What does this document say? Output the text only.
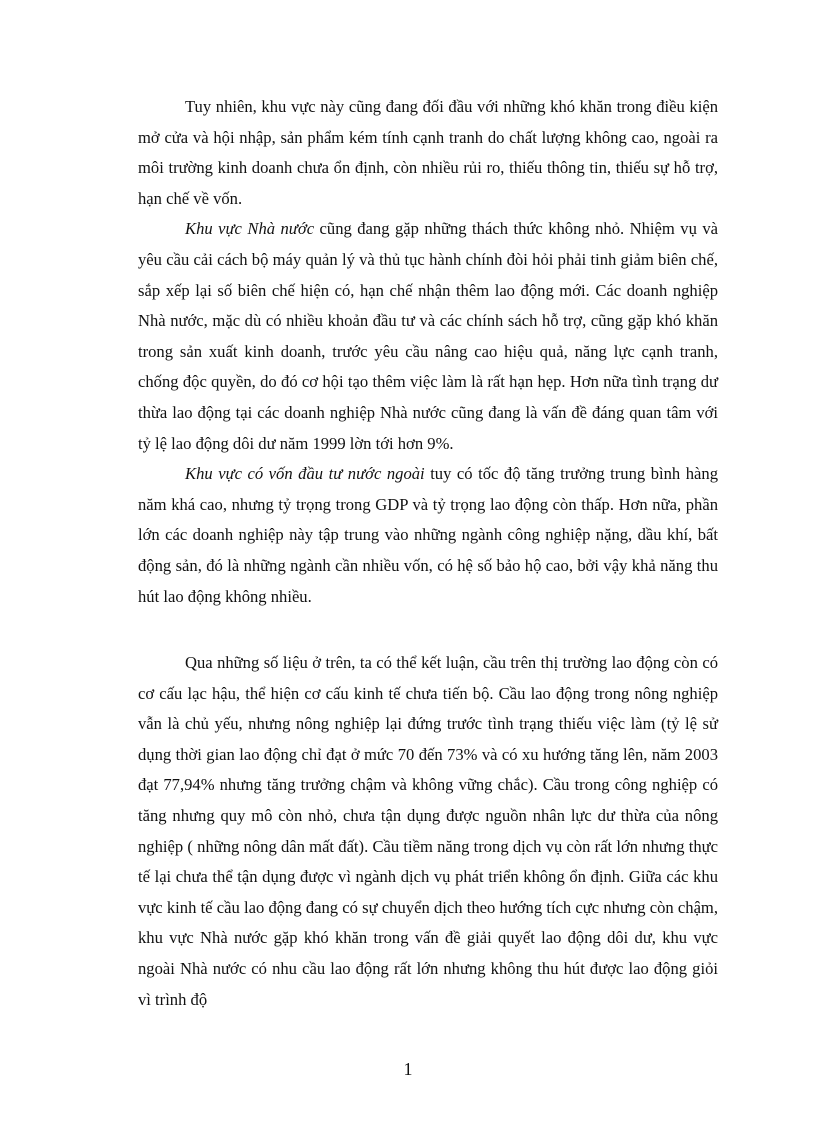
Tuy nhiên, khu vực này cũng đang đối đầu với những khó khăn trong điều kiện mở cửa và hội nhập, sản phẩm kém tính cạnh tranh do chất lượng không cao, ngoài ra môi trường kinh doanh chưa ổn định, còn nhiều rủi ro, thiếu thông tin, thiếu sự hỗ trợ, hạn chế về vốn.

Khu vực Nhà nước cũng đang gặp những thách thức không nhỏ. Nhiệm vụ và yêu cầu cải cách bộ máy quản lý và thủ tục hành chính đòi hỏi phải tinh giảm biên chế, sắp xếp lại số biên chế hiện có, hạn chế nhận thêm lao động mới. Các doanh nghiệp Nhà nước, mặc dù có nhiều khoản đầu tư và các chính sách hỗ trợ, cũng gặp khó khăn trong sản xuất kinh doanh, trước yêu cầu nâng cao hiệu quả, năng lực cạnh tranh, chống độc quyền, do đó cơ hội tạo thêm việc làm là rất hạn hẹp. Hơn nữa tình trạng dư thừa lao động tại các doanh nghiệp Nhà nước cũng đang là vấn đề đáng quan tâm với tỷ lệ lao động dôi dư năm 1999 lờn tới hơn 9%.

Khu vực có vốn đầu tư nước ngoài tuy có tốc độ tăng trưởng trung bình hàng năm khá cao, nhưng tỷ trọng trong GDP và tỷ trọng lao động còn thấp. Hơn nữa, phần lớn các doanh nghiệp này tập trung vào những ngành công nghiệp nặng, dầu khí, bất động sản, đó là những ngành cần nhiều vốn, có hệ số bảo hộ cao, bởi vậy khả năng thu hút lao động không nhiều.

Qua những số liệu ở trên, ta có thể kết luận, cầu trên thị trường lao động còn có cơ cấu lạc hậu, thể hiện cơ cấu kinh tế chưa tiến bộ. Cầu lao động trong nông nghiệp vẫn là chủ yếu, nhưng nông nghiệp lại đứng trước tình trạng thiếu việc làm (tỷ lệ sử dụng thời gian lao động chỉ đạt ở mức 70 đến 73% và có xu hướng tăng lên, năm 2003 đạt 77,94% nhưng tăng trưởng chậm và không vững chắc). Cầu trong công nghiệp có tăng nhưng quy mô còn nhỏ, chưa tận dụng được nguồn nhân lực dư thừa của nông nghiệp ( những nông dân mất đất). Cầu tiềm năng trong dịch vụ còn rất lớn nhưng thực tế lại chưa thể tận dụng được vì ngành dịch vụ phát triển không ổn định. Giữa các khu vực kinh tế cầu lao động đang có sự chuyển dịch theo hướng tích cực nhưng còn chậm, khu vực Nhà nước gặp khó khăn trong vấn đề giải quyết lao động dôi dư, khu vực ngoài Nhà nước có nhu cầu lao động rất lớn nhưng không thu hút được lao động giỏi vì trình độ

1
